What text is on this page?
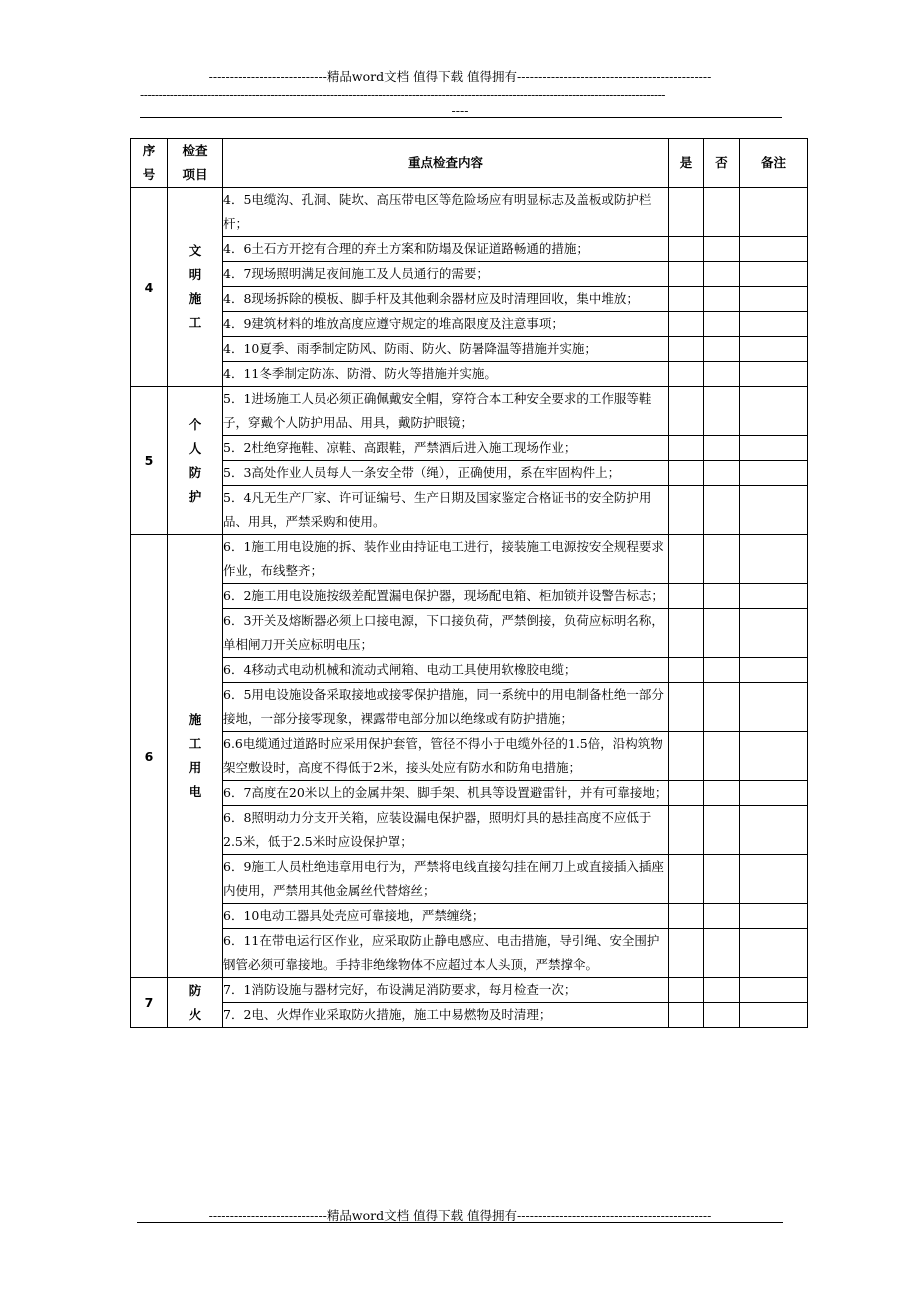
----------------------------精品word文档 值得下载 值得拥有----------------------------------------------
---------------------------------------------------------------------------------------------------------------------------------------------
----
序号	检查项目	重点检查内容	是	否	备注
4	文明施工	4．5电缆沟、孔洞、陡坎、高压带电区等危险场应有明显标志及盖板或防护栏杆；			
		4．6土石方开挖有合理的弃土方案和防塌及保证道路畅通的措施；			
		4．7现场照明满足夜间施工及人员通行的需要；			
		4．8现场拆除的模板、脚手杆及其他剩余器材应及时清理回收，集中堆放；			
		4．9建筑材料的堆放高度应遵守规定的堆高限度及注意事项；			
		4．10夏季、雨季制定防风、防雨、防火、防暑降温等措施并实施；			
		4．11冬季制定防冻、防滑、防火等措施并实施。			
5	个人防护	5．1进场施工人员必须正确佩戴安全帽，穿符合本工种安全要求的工作服等鞋子，穿戴个人防护用品、用具，戴防护眼镜；			
		5．2杜绝穿拖鞋、凉鞋、高跟鞋，严禁酒后进入施工现场作业；			
		5．3高处作业人员每人一条安全带（绳），正确使用，系在牢固构件上；			
		5．4凡无生产厂家、许可证编号、生产日期及国家鉴定合格证书的安全防护用品、用具，严禁采购和使用。			
6	施工用电	6．1施工用电设施的拆、装作业由持证电工进行，接装施工电源按安全规程要求作业，布线整齐；			
		6．2施工用电设施按级差配置漏电保护器，现场配电箱、柜加锁并设警告标志；			
		6．3开关及熔断器必须上口接电源，下口接负荷，严禁倒接，负荷应标明名称，单相闸刀开关应标明电压；			
		6．4移动式电动机械和流动式闸箱、电动工具使用软橡胶电缆；			
		6．5用电设施设备采取接地或接零保护措施，同一系统中的用电制备杜绝一部分接地，一部分接零现象，裸露带电部分加以绝缘或有防护措施；			
		6.6电缆通过道路时应采用保护套管，管径不得小于电缆外径的1.5倍，沿构筑物架空敷设时，高度不得低于2米，接头处应有防水和防角电措施；			
		6．7高度在20米以上的金属井架、脚手架、机具等设置避雷针，并有可靠接地；			
		6．8照明动力分支开关箱，应装设漏电保护器，照明灯具的悬挂高度不应低于2.5米，低于2.5米时应设保护罩；			
		6．9施工人员杜绝违章用电行为，严禁将电线直接勾挂在闸刀上或直接插入插座内使用，严禁用其他金属丝代替熔丝；			
		6．10电动工器具处壳应可靠接地，严禁缠绕；			
		6．11在带电运行区作业，应采取防止静电感应、电击措施，导引绳、安全围护钢管必须可靠接地。手持非绝缘物体不应超过本人头顶，严禁撑伞。			
7	防火	7．1消防设施与器材完好，布设满足消防要求，每月检查一次；			
		7．2电、火焊作业采取防火措施，施工中易燃物及时清理；			
----------------------------精品word文档 值得下载 值得拥有----------------------------------------------
